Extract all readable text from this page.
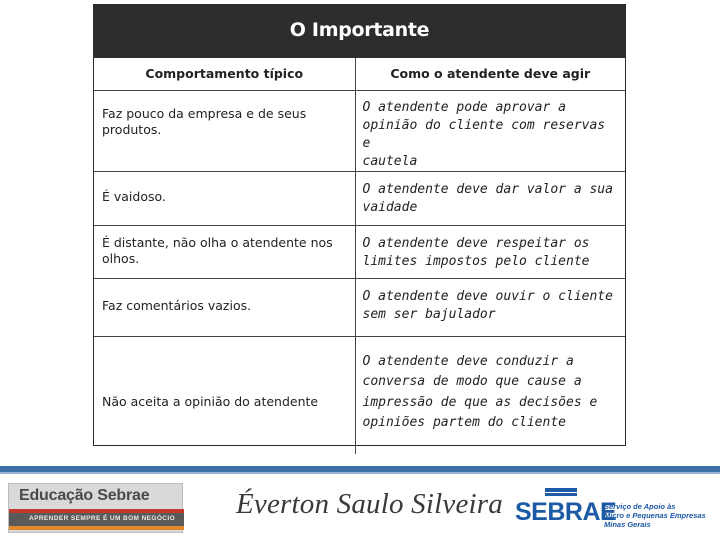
O Importante
Comportamento típico	Como o atendente deve agir

Faz pouco da empresa e de seus
produtos.	O atendente pode aprovar a
opinião do cliente com reservas e
cautela

É vaidoso.	O atendente deve dar valor a sua
vaidade

É distante, não olha o atendente nos
olhos.	O atendente deve respeitar os
limites impostos pelo cliente

Faz comentários vazios.	O atendente deve ouvir o cliente
sem ser bajulador

Não aceita a opinião do atendente	O atendente deve conduzir a
conversa de modo que cause a
impressão de que as decisões e
opiniões partem do cliente
Educação Sebrae
APRENDER SEMPRE É UM BOM NEGÓCIO Éverton Saulo Silveira SEBRAE
Serviço de Apoio às
Micro e Pequenas Empresas
Minas Gerais
